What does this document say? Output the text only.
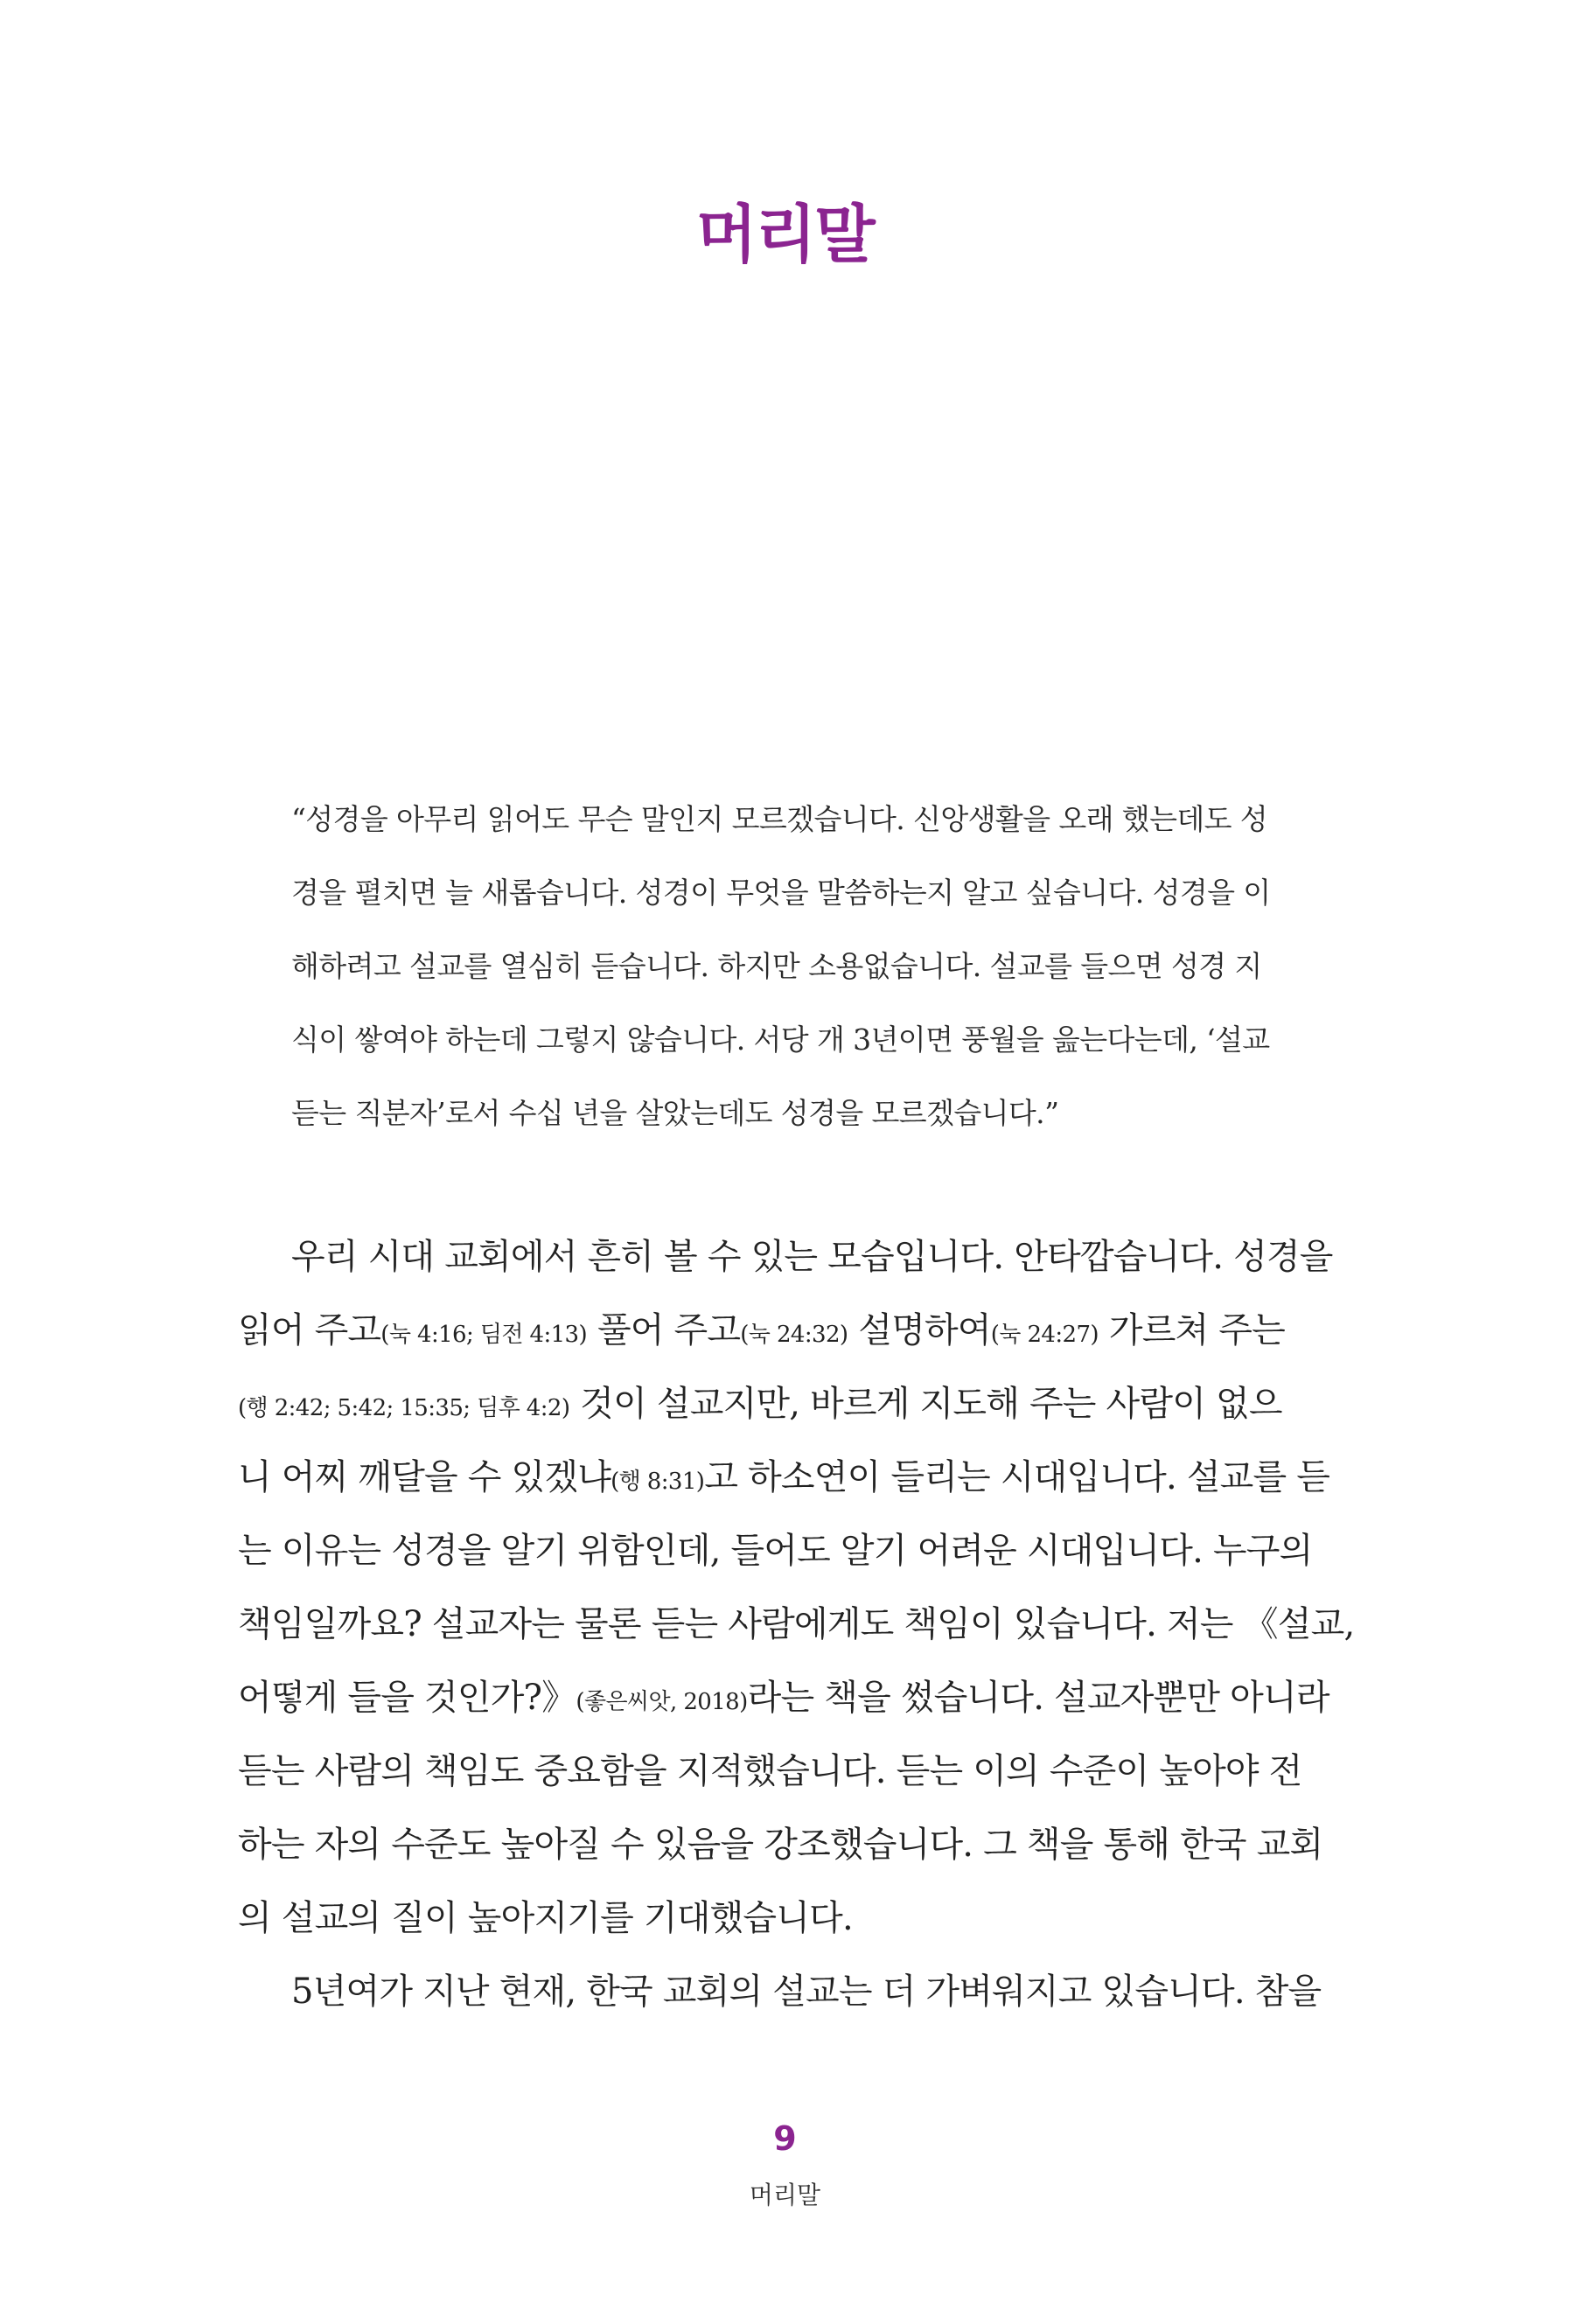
머리말
“성경을 아무리 읽어도 무슨 말인지 모르겠습니다. 신앙생활을 오래 했는데도 성
경을 펼치면 늘 새롭습니다. 성경이 무엇을 말씀하는지 알고 싶습니다. 성경을 이
해하려고 설교를 열심히 듣습니다. 하지만 소용없습니다. 설교를 들으면 성경 지
식이 쌓여야 하는데 그렇지 않습니다. 서당 개 3년이면 풍월을 읊는다는데, ‘설교
듣는 직분자’로서 수십 년을 살았는데도 성경을 모르겠습니다.”
우리 시대 교회에서 흔히 볼 수 있는 모습입니다. 안타깝습니다. 성경을
읽어 주고(눅 4:16; 딤전 4:13) 풀어 주고(눅 24:32) 설명하여(눅 24:27) 가르쳐 주는
(행 2:42; 5:42; 15:35; 딤후 4:2) 것이 설교지만, 바르게 지도해 주는 사람이 없으
니 어찌 깨달을 수 있겠냐(행 8:31)고 하소연이 들리는 시대입니다. 설교를 듣
는 이유는 성경을 알기 위함인데, 들어도 알기 어려운 시대입니다. 누구의
책임일까요? 설교자는 물론 듣는 사람에게도 책임이 있습니다. 저는 《설교,
어떻게 들을 것인가?》(좋은씨앗, 2018)라는 책을 썼습니다. 설교자뿐만 아니라
듣는 사람의 책임도 중요함을 지적했습니다. 듣는 이의 수준이 높아야 전
하는 자의 수준도 높아질 수 있음을 강조했습니다. 그 책을 통해 한국 교회
의 설교의 질이 높아지기를 기대했습니다.
5년여가 지난 현재, 한국 교회의 설교는 더 가벼워지고 있습니다. 참을
9
머리말
